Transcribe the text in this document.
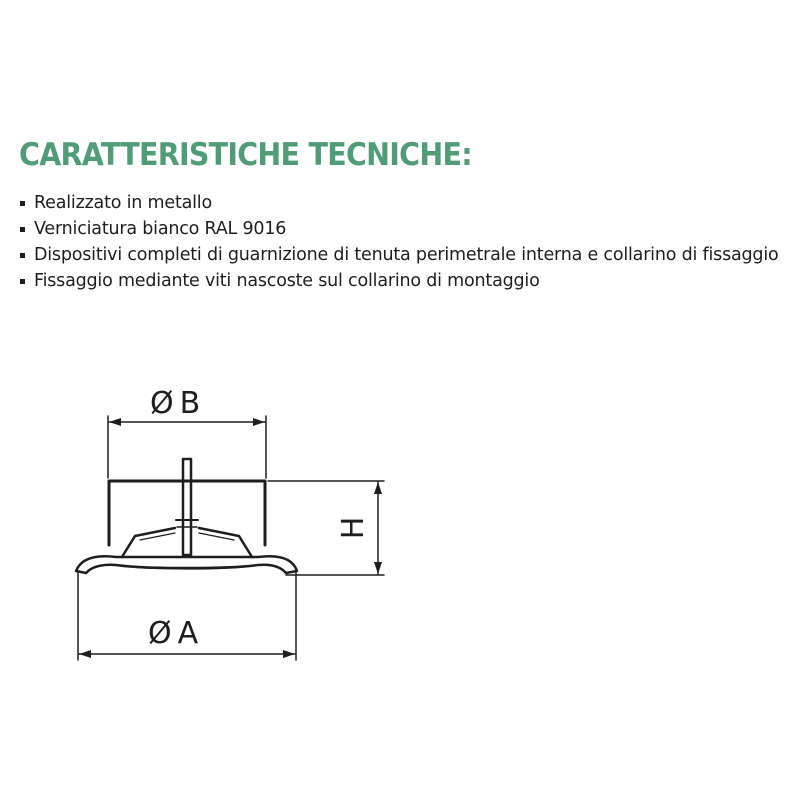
CARATTERISTICHE TECNICHE:
Realizzato in metallo
Verniciatura bianco RAL 9016
Dispositivi completi di guarnizione di tenuta perimetrale interna e collarino di fissaggio
Fissaggio mediante viti nascoste sul collarino di montaggio
Ø B
Ø A
H
